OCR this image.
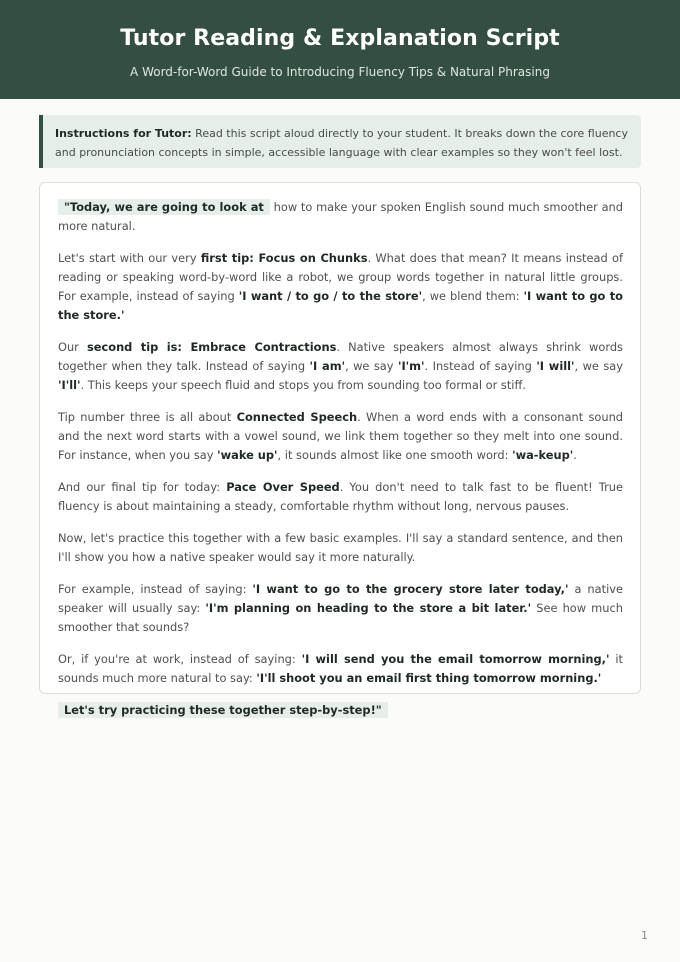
Tutor Reading & Explanation Script
A Word-for-Word Guide to Introducing Fluency Tips & Natural Phrasing
Instructions for Tutor: Read this script aloud directly to your student. It breaks down the core fluency and pronunciation concepts in simple, accessible language with clear examples so they won't feel lost.

"Today, we are going to look at how to make your spoken English sound much smoother and more natural.

Let's start with our very first tip: Focus on Chunks. What does that mean? It means instead of reading or speaking word-by-word like a robot, we group words together in natural little groups. For example, instead of saying 'I want / to go / to the store', we blend them: 'I want to go to the store.'

Our second tip is: Embrace Contractions. Native speakers almost always shrink words together when they talk. Instead of saying 'I am', we say 'I'm'. Instead of saying 'I will', we say 'I'll'. This keeps your speech fluid and stops you from sounding too formal or stiff.

Tip number three is all about Connected Speech. When a word ends with a consonant sound and the next word starts with a vowel sound, we link them together so they melt into one sound. For instance, when you say 'wake up', it sounds almost like one smooth word: 'wa-keup'.

And our final tip for today: Pace Over Speed. You don't need to talk fast to be fluent! True fluency is about maintaining a steady, comfortable rhythm without long, nervous pauses.

Now, let's practice this together with a few basic examples. I'll say a standard sentence, and then I'll show you how a native speaker would say it more naturally.

For example, instead of saying: 'I want to go to the grocery store later today,' a native speaker will usually say: 'I'm planning on heading to the store a bit later.' See how much smoother that sounds?

Or, if you're at work, instead of saying: 'I will send you the email tomorrow morning,' it sounds much more natural to say: 'I'll shoot you an email first thing tomorrow morning.'

Let's try practicing these together step-by-step!"

1
